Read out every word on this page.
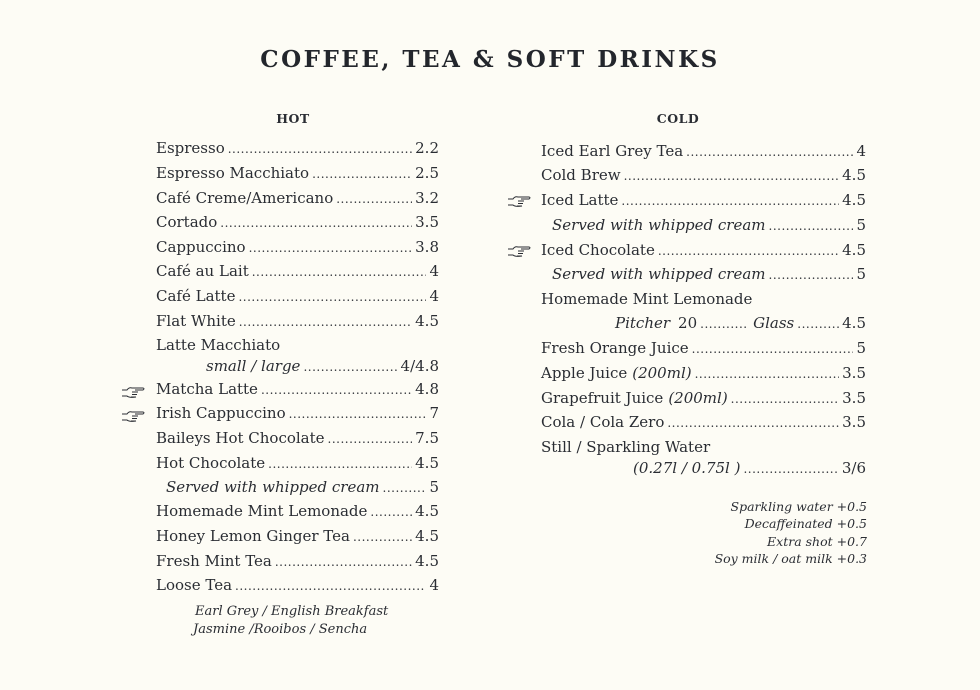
COFFEE, TEA & SOFT DRINKS
HOT	COLD
Espresso .....	2.2
Espresso Macchiato .....	2.5
Café Creme/Americano .....	3.2
Cortado .....	3.5
Cappuccino .....	3.8
Café au Lait .....	4
Café Latte .....	4
Flat White .....	4.5
Latte Macchiato
small / large .....	4/4.8
Matcha Latte .....	4.8
Irish Cappuccino .....	7
Baileys Hot Chocolate .....	7.5
Hot Chocolate .....	4.5
Served with whipped cream .....	5
Homemade Mint Lemonade .....	4.5
Honey Lemon Ginger Tea .....	4.5
Fresh Mint Tea .....	4.5
Loose Tea .....	4
Earl Grey / English Breakfast
Jasmine /Rooibos / Sencha
Iced Earl Grey Tea .....	4
Cold Brew .....	4.5
Iced Latte .....	4.5
Served with whipped cream .....	5
Iced Chocolate .....	4.5
Served with whipped cream .....	5
Homemade Mint Lemonade
Pitcher 20 .....	Glass .....	4.5
Fresh Orange Juice .....	5
Apple Juice (200ml) .....	3.5
Grapefruit Juice (200ml) .....	3.5
Cola / Cola Zero .....	3.5
Still / Sparkling Water
(0.27l / 0.75l ) .....	3/6
Sparkling water +0.5
Decaffeinated +0.5
Extra shot +0.7
Soy milk / oat milk +0.3
